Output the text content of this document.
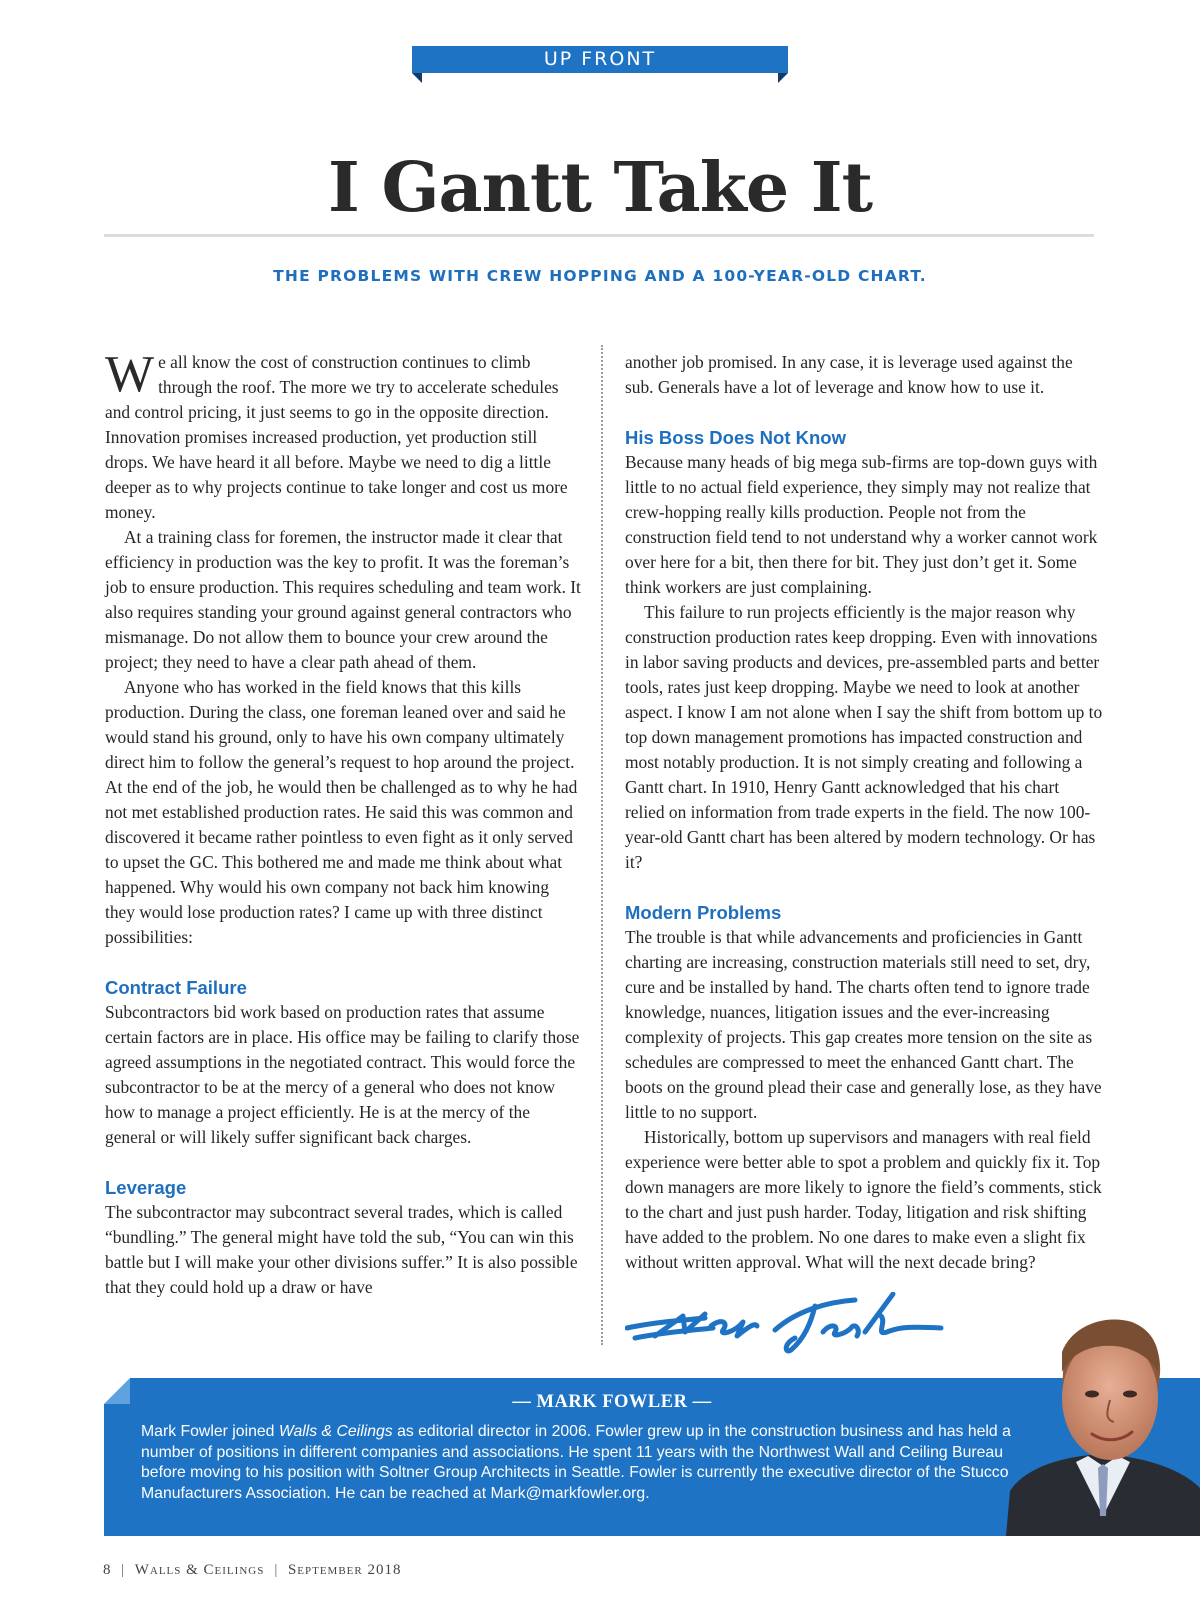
UP FRONT
I Gantt Take It
THE PROBLEMS WITH CREW HOPPING AND A 100-YEAR-OLD CHART.

We all know the cost of construction continues to climb through the roof. The more we try to accelerate schedules and control pricing, it just seems to go in the opposite direction. Innovation promises increased production, yet production still drops. We have heard it all before. Maybe we need to dig a little deeper as to why projects continue to take longer and cost us more money.

At a training class for foremen, the instructor made it clear that efficiency in production was the key to profit. It was the foreman’s job to ensure production. This requires scheduling and team work. It also requires standing your ground against general contractors who mismanage. Do not allow them to bounce your crew around the project; they need to have a clear path ahead of them.

Anyone who has worked in the field knows that this kills production. During the class, one foreman leaned over and said he would stand his ground, only to have his own company ultimately direct him to follow the general’s request to hop around the project. At the end of the job, he would then be challenged as to why he had not met established production rates. He said this was common and discovered it became rather pointless to even fight as it only served to upset the GC. This bothered me and made me think about what happened. Why would his own company not back him knowing they would lose production rates? I came up with three distinct possibilities:

Contract Failure

Subcontractors bid work based on production rates that assume certain factors are in place. His office may be failing to clarify those agreed assumptions in the negotiated contract. This would force the subcontractor to be at the mercy of a general who does not know how to manage a project efficiently. He is at the mercy of the general or will likely suffer significant back charges.

Leverage

The subcontractor may subcontract several trades, which is called “bundling.” The general might have told the sub, “You can win this battle but I will make your other divisions suffer.” It is also possible that they could hold up a draw or have

another job promised. In any case, it is leverage used against the sub. Generals have a lot of leverage and know how to use it.

His Boss Does Not Know

Because many heads of big mega sub-firms are top-down guys with little to no actual field experience, they simply may not realize that crew-hopping really kills production. People not from the construction field tend to not understand why a worker cannot work over here for a bit, then there for bit. They just don’t get it. Some think workers are just complaining.

This failure to run projects efficiently is the major reason why construction production rates keep dropping. Even with innovations in labor saving products and devices, pre-assembled parts and better tools, rates just keep dropping. Maybe we need to look at another aspect. I know I am not alone when I say the shift from bottom up to top down management promotions has impacted construction and most notably production. It is not simply creating and following a Gantt chart. In 1910, Henry Gantt acknowledged that his chart relied on information from trade experts in the field. The now 100-year-old Gantt chart has been altered by modern technology. Or has it?

Modern Problems

The trouble is that while advancements and proficiencies in Gantt charting are increasing, construction materials still need to set, dry, cure and be installed by hand. The charts often tend to ignore trade knowledge, nuances, litigation issues and the ever-increasing complexity of projects. This gap creates more tension on the site as schedules are compressed to meet the enhanced Gantt chart. The boots on the ground plead their case and generally lose, as they have little to no support.

Historically, bottom up supervisors and managers with real field experience were better able to spot a problem and quickly fix it. Top down managers are more likely to ignore the field’s comments, stick to the chart and just push harder. Today, litigation and risk shifting have added to the problem. No one dares to make even a slight fix without written approval. What will the next decade bring?

— MARK FOWLER —

Mark Fowler joined Walls & Ceilings as editorial director in 2006. Fowler grew up in the construction business and has held a number of positions in different companies and associations. He spent 11 years with the Northwest Wall and Ceiling Bureau before moving to his position with Soltner Group Architects in Seattle. Fowler is currently the executive director of the Stucco Manufacturers Association. He can be reached at Mark@markfowler.org.

8 | Walls & Ceilings | September 2018
